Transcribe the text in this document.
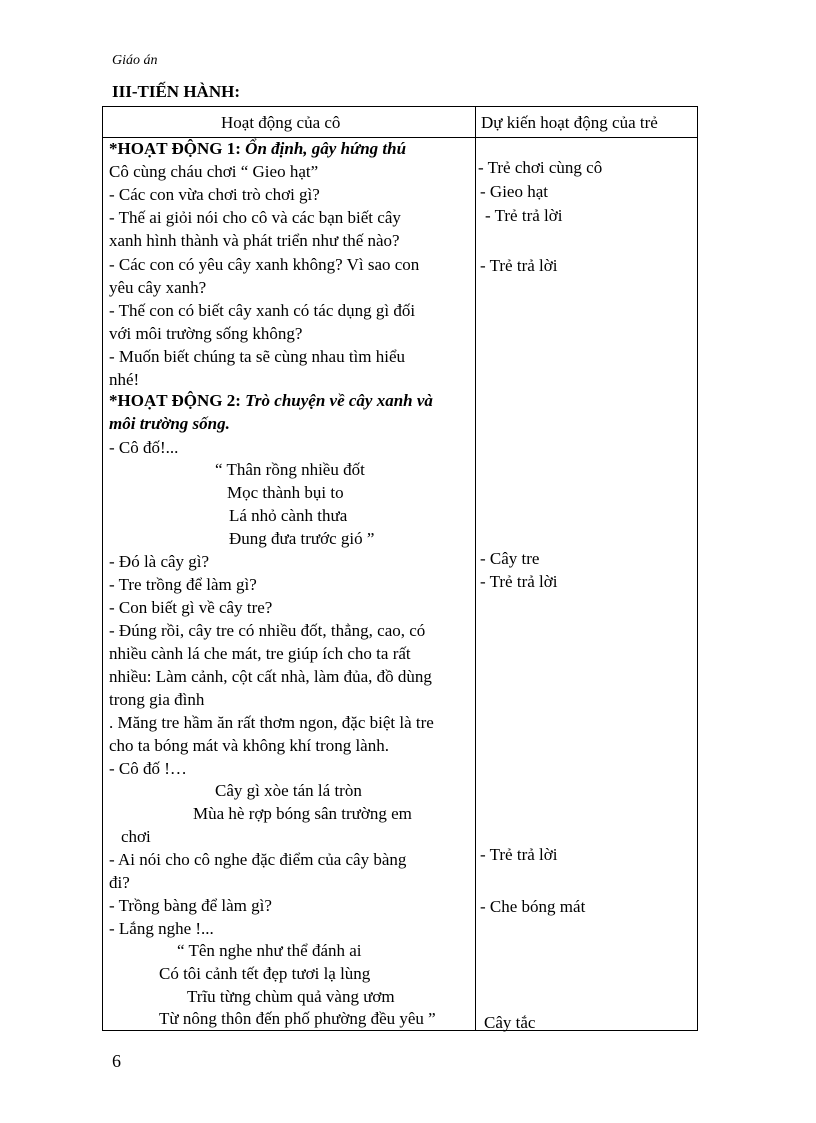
Giáo án
III-TIẾN HÀNH:
Hoạt động của cô	Dự kiến hoạt động của trẻ
*HOẠT ĐỘNG 1: Ổn định, gây hứng thú
Cô cùng cháu chơi “ Gieo hạt”
- Các con vừa chơi trò chơi gì?
- Thế ai giỏi nói cho cô và các bạn biết cây
xanh hình thành và phát triển như thế nào?
- Các con có yêu cây xanh không? Vì sao con
yêu cây xanh?
- Thế con có biết cây xanh có tác dụng gì đối
với môi trường sống không?
- Muốn biết chúng ta sẽ cùng nhau tìm hiểu
nhé!
*HOẠT ĐỘNG 2: Trò chuyện về cây xanh và
môi trường sống.
- Cô đố!...
“ Thân rồng nhiều đốt
Mọc thành bụi to
Lá nhỏ cành thưa
Đung đưa trước gió ”
- Đó là cây gì?
- Tre trồng để làm gì?
- Con biết gì về cây tre?
- Đúng rồi, cây tre có nhiều đốt, thẳng, cao, có
nhiều cành lá che mát, tre giúp ích cho ta rất
nhiều: Làm cảnh, cột cất nhà, làm đủa, đồ dùng
trong gia đình
. Măng tre hầm ăn rất thơm ngon, đặc biệt là tre
cho ta bóng mát và không khí trong lành.
- Cô đố !…
Cây gì xòe tán lá tròn
Mùa hè rợp bóng sân trường em
chơi
- Ai nói cho cô nghe đặc điểm của cây bàng
đi?
- Trồng bàng để làm gì?
- Lắng nghe !...
“ Tên nghe như thể đánh ai
Có tôi cảnh tết đẹp tươi lạ lùng
Trĩu từng chùm quả vàng ươm
Từ nông thôn đến phố phường đều yêu ”
- Trẻ chơi cùng cô
- Gieo hạt
- Trẻ trả lời
- Trẻ trả lời
- Cây tre
- Trẻ trả lời
- Trẻ trả lời
- Che bóng mát
Cây tắc
6
